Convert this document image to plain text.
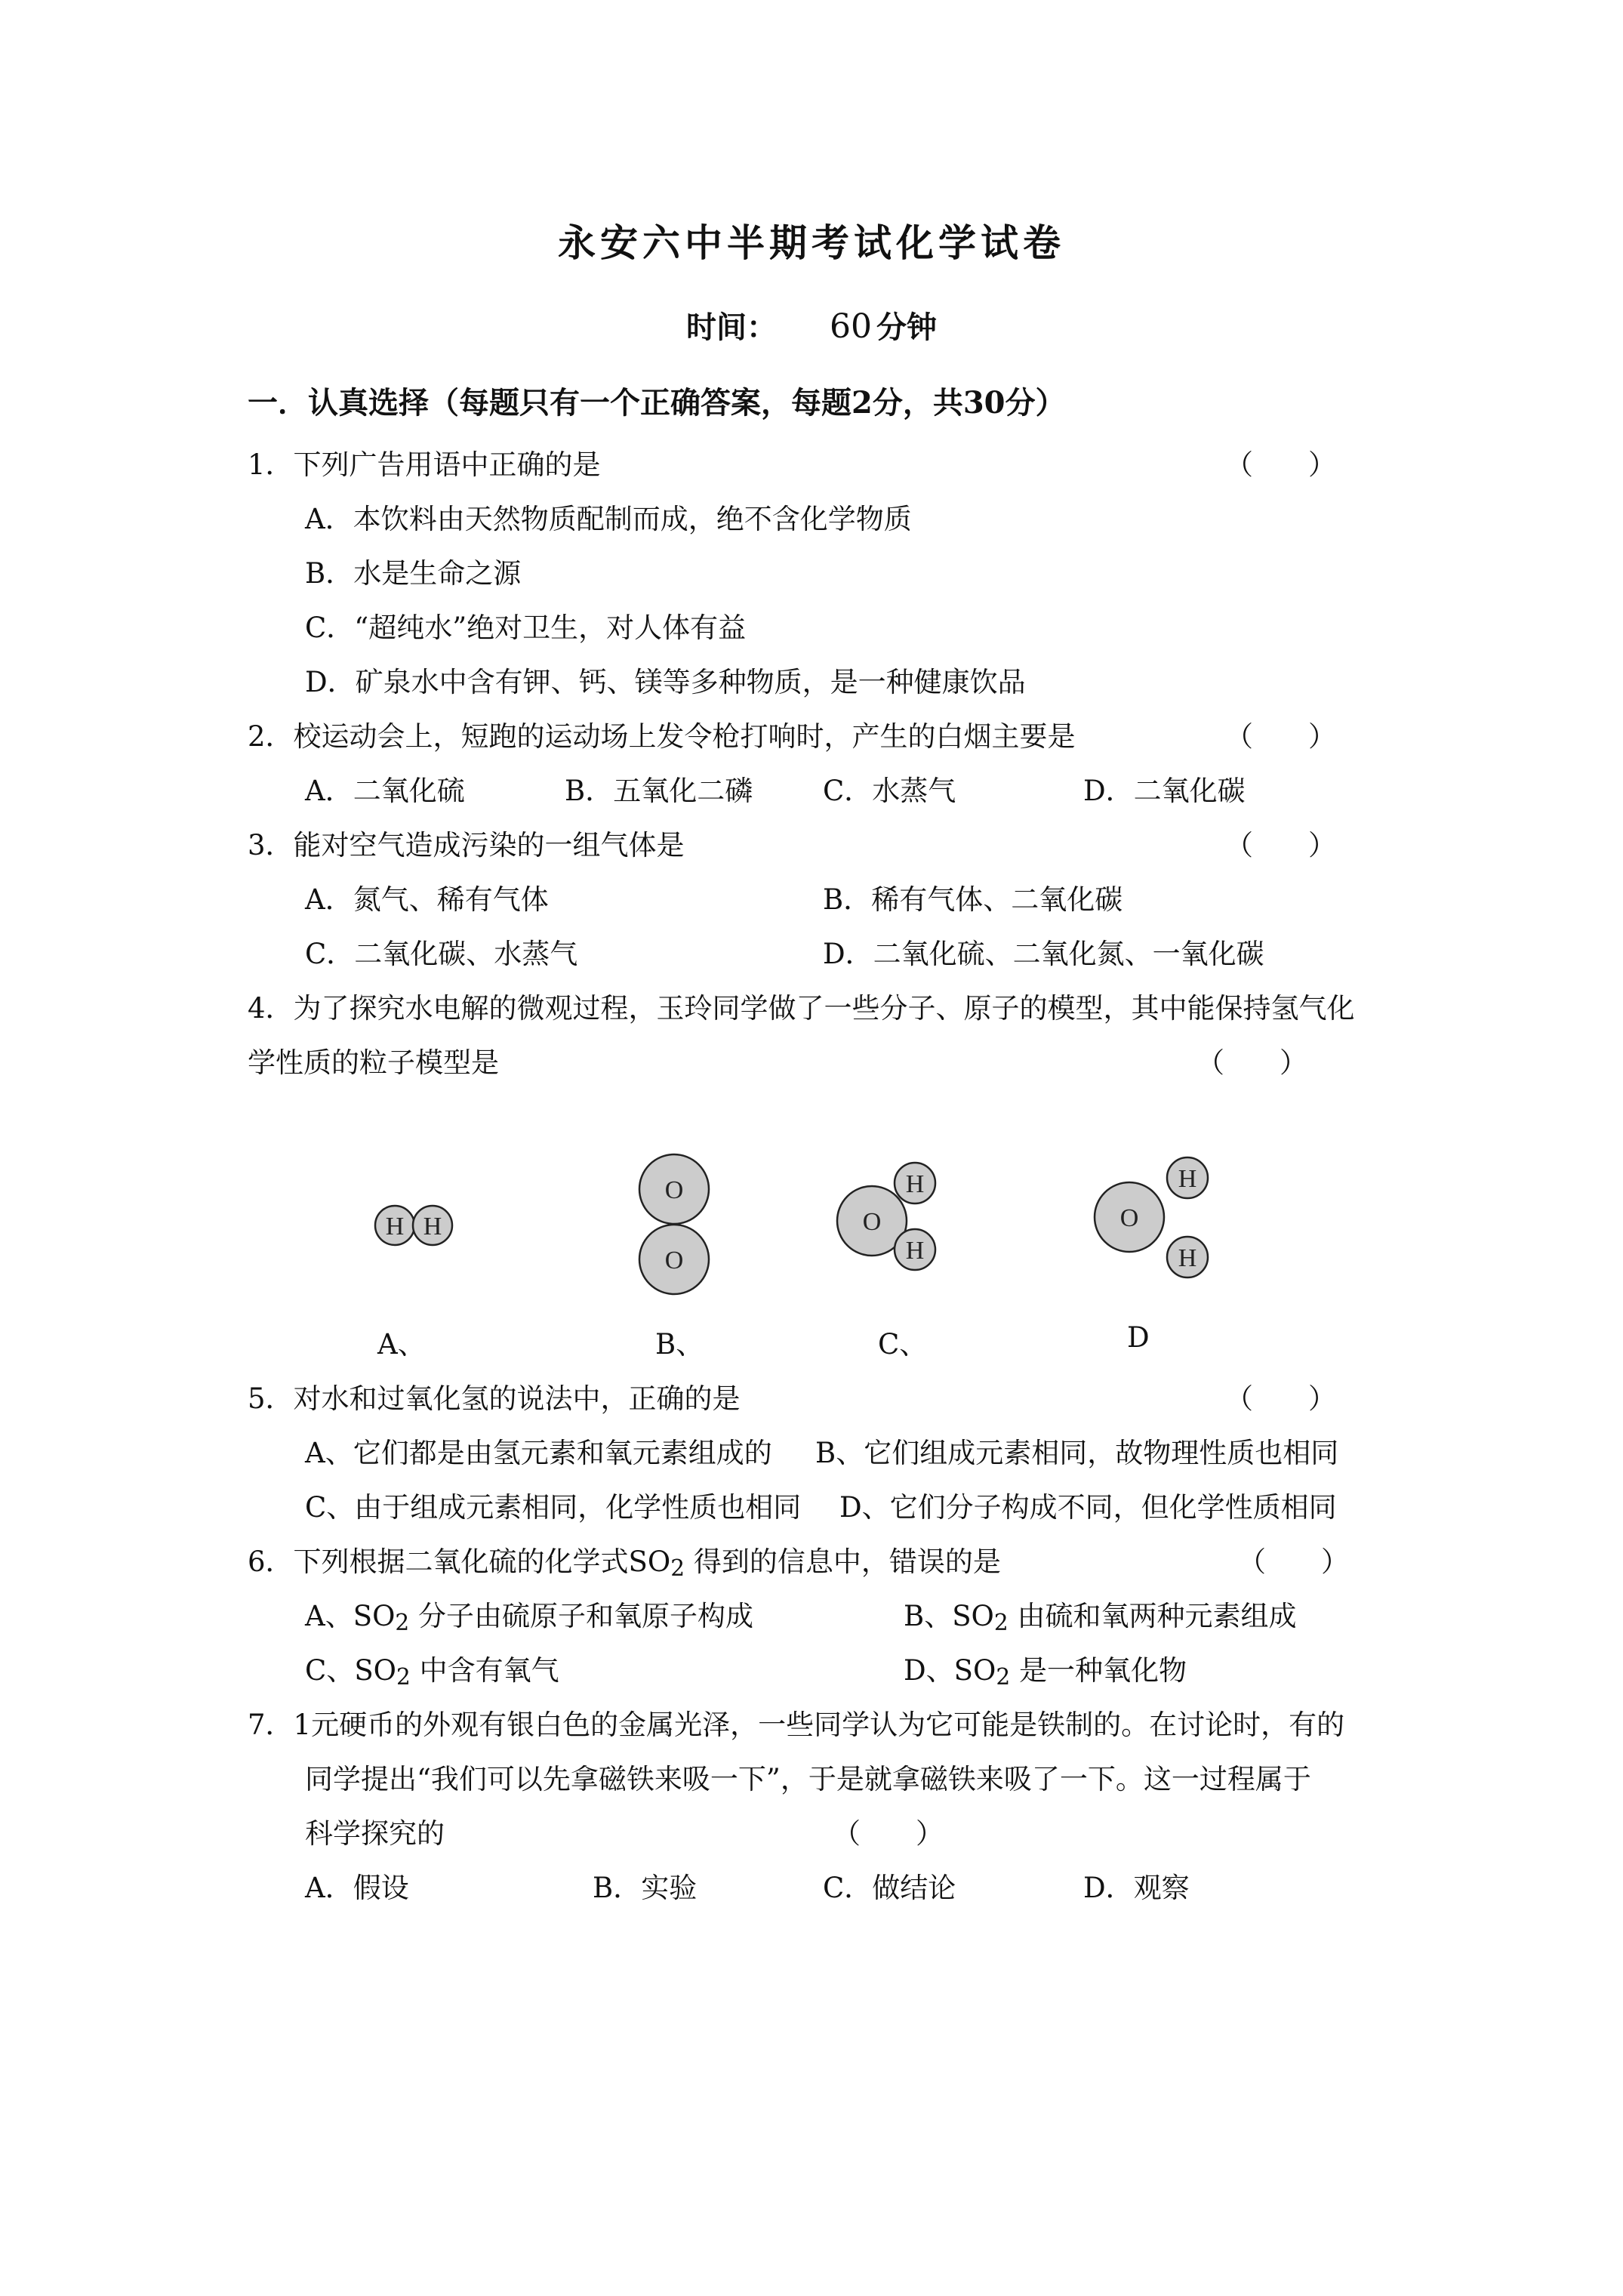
永安六中半期考试化学试卷
时间： 60 分钟
一．认真选择（每题只有一个正确答案，每题2分，共30分）
1．下列广告用语中正确的是	（ ）
A．本饮料由天然物质配制而成，绝不含化学物质
B．水是生命之源
C．“超纯水”绝对卫生，对人体有益
D．矿泉水中含有钾、钙、镁等多种物质，是一种健康饮品
2．校运动会上，短跑的运动场上发令枪打响时，产生的白烟主要是	（ ）
A．二氧化硫	B．五氧化二磷	C．水蒸气	D．二氧化碳
3．能对空气造成污染的一组气体是	（ ）
A．氮气、稀有气体	B．稀有气体、二氧化碳
C．二氧化碳、水蒸气	D．二氧化硫、二氧化氮、一氧化碳
4．为了探究水电解的微观过程，玉玲同学做了一些分子、原子的模型，其中能保持氢气化
学性质的粒子模型是	（ ）
H H
O
O
O
H
H
O
H
H
A、	B、	C、	D
5．对水和过氧化氢的说法中，正确的是	（ ）
A、它们都是由氢元素和氧元素组成的 B、它们组成元素相同，故物理性质也相同
C、由于组成元素相同，化学性质也相同 D、它们分子构成不同，但化学性质相同
6．下列根据二氧化硫的化学式$SO_2$ 得到的信息中，错误的是	（ ）
A、$SO_2$ 分子由硫原子和氧原子构成	B、$SO_2$ 由硫和氧两种元素组成
C、$SO_2$ 中含有氧气	D、$SO_2$ 是一种氧化物
7．1元硬币的外观有银白色的金属光泽，一些同学认为它可能是铁制的。在讨论时，有的
同学提出“我们可以先拿磁铁来吸一下”，于是就拿磁铁来吸了一下。这一过程属于
科学探究的	（ ）
A．假设	B．实验	C．做结论	D．观察
